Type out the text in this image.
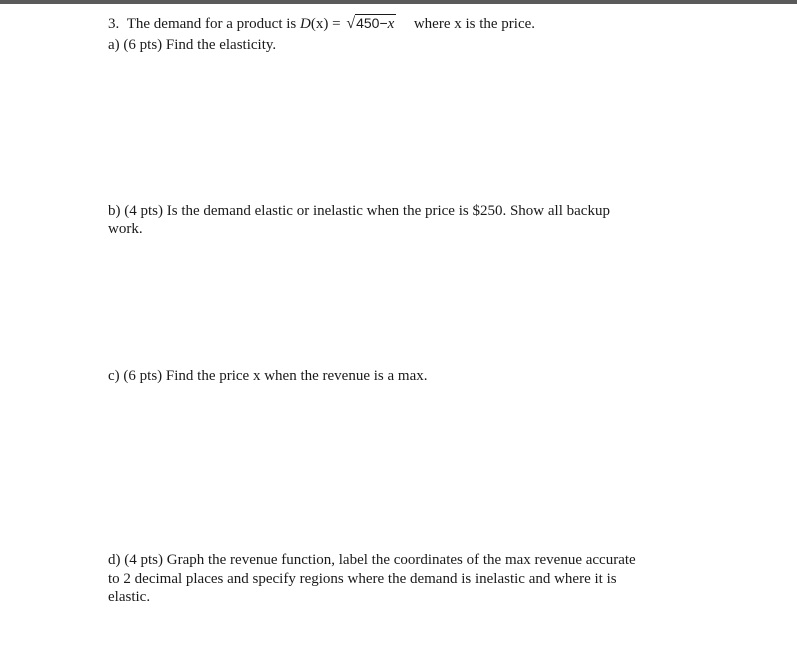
3. The demand for a product is D(x) = √450−x where x is the price.
a) (6 pts) Find the elasticity.
b) (4 pts) Is the demand elastic or inelastic when the price is $250. Show all backup
work.
c) (6 pts) Find the price x when the revenue is a max.
d) (4 pts) Graph the revenue function, label the coordinates of the max revenue accurate
to 2 decimal places and specify regions where the demand is inelastic and where it is
elastic.
